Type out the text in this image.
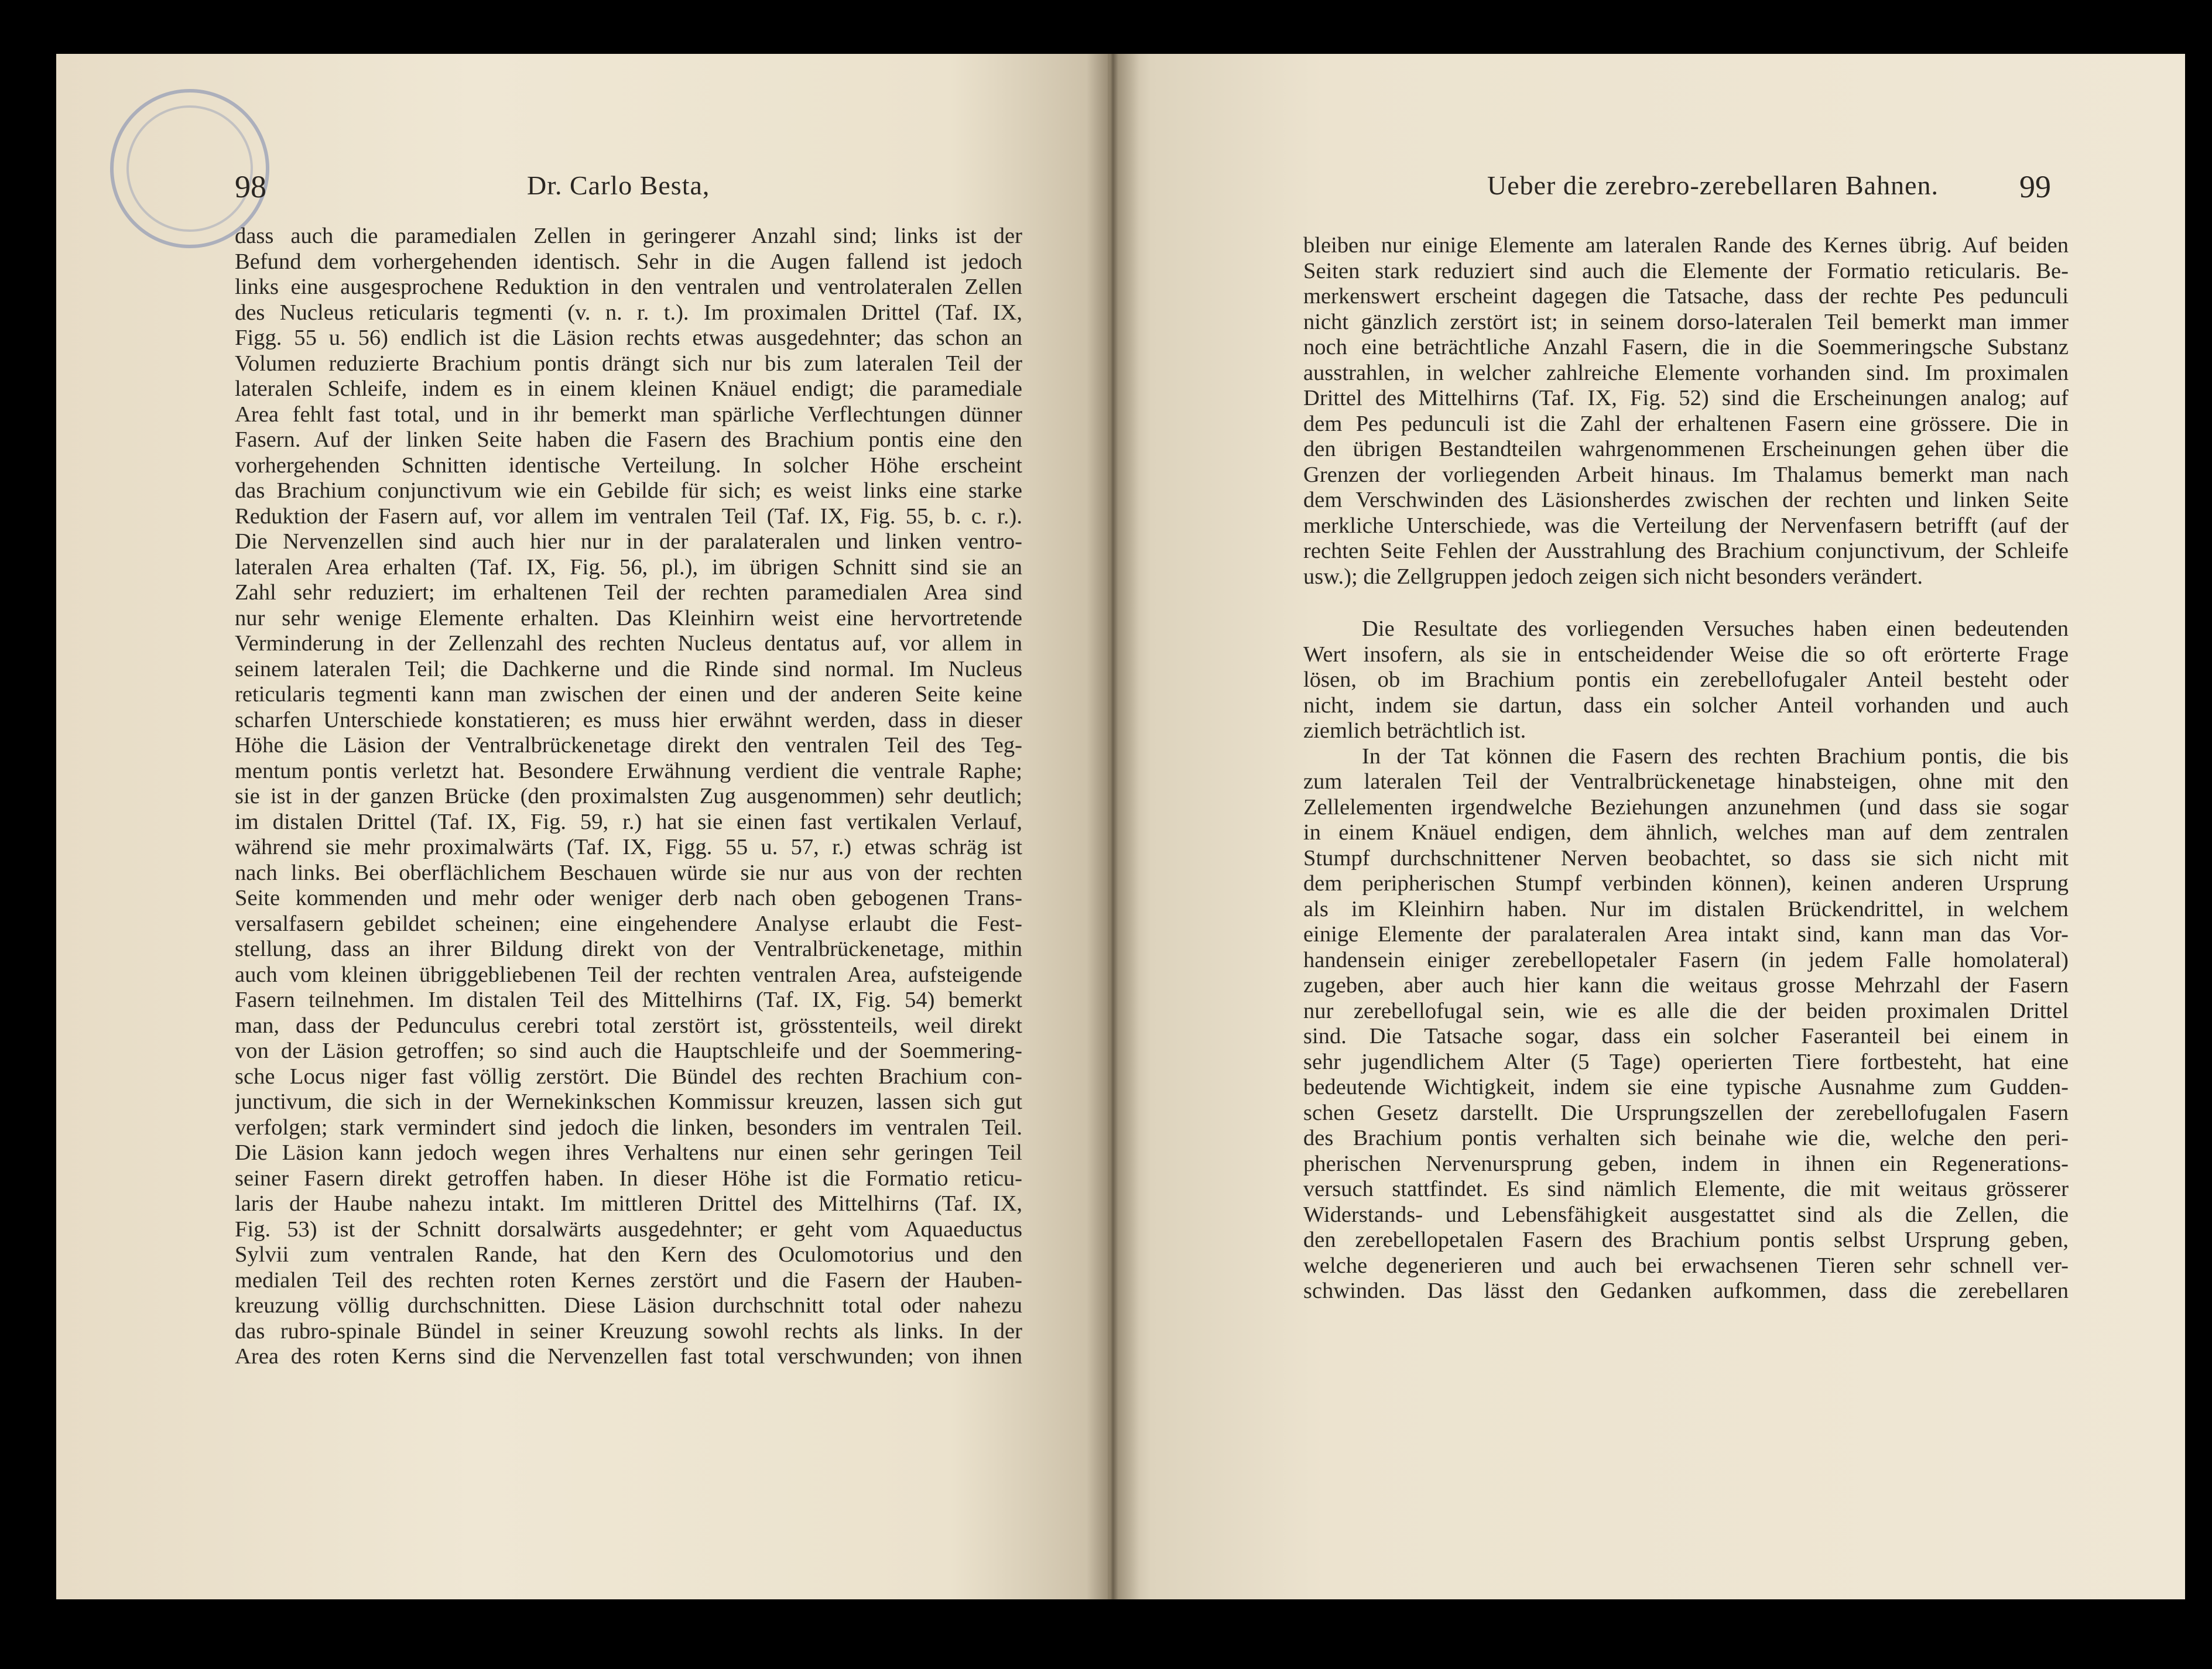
98	Dr. Carlo Besta,
dass auch die paramedialen Zellen in geringerer Anzahl sind; links ist der
Befund dem vorhergehenden identisch. Sehr in die Augen fallend ist jedoch
links eine ausgesprochene Reduktion in den ventralen und ventrolateralen Zellen
des Nucleus reticularis tegmenti (v. n. r. t.). Im proximalen Drittel (Taf. IX,
Figg. 55 u. 56) endlich ist die Läsion rechts etwas ausgedehnter; das schon an
Volumen reduzierte Brachium pontis drängt sich nur bis zum lateralen Teil der
lateralen Schleife, indem es in einem kleinen Knäuel endigt; die paramediale
Area fehlt fast total, und in ihr bemerkt man spärliche Verflechtungen dünner
Fasern. Auf der linken Seite haben die Fasern des Brachium pontis eine den
vorhergehenden Schnitten identische Verteilung. In solcher Höhe erscheint
das Brachium conjunctivum wie ein Gebilde für sich; es weist links eine starke
Reduktion der Fasern auf, vor allem im ventralen Teil (Taf. IX, Fig. 55, b. c. r.).
Die Nervenzellen sind auch hier nur in der paralateralen und linken ventro-
lateralen Area erhalten (Taf. IX, Fig. 56, pl.), im übrigen Schnitt sind sie an
Zahl sehr reduziert; im erhaltenen Teil der rechten paramedialen Area sind
nur sehr wenige Elemente erhalten. Das Kleinhirn weist eine hervortretende
Verminderung in der Zellenzahl des rechten Nucleus dentatus auf, vor allem in
seinem lateralen Teil; die Dachkerne und die Rinde sind normal. Im Nucleus
reticularis tegmenti kann man zwischen der einen und der anderen Seite keine
scharfen Unterschiede konstatieren; es muss hier erwähnt werden, dass in dieser
Höhe die Läsion der Ventralbrückenetage direkt den ventralen Teil des Teg-
mentum pontis verletzt hat. Besondere Erwähnung verdient die ventrale Raphe;
sie ist in der ganzen Brücke (den proximalsten Zug ausgenommen) sehr deutlich;
im distalen Drittel (Taf. IX, Fig. 59, r.) hat sie einen fast vertikalen Verlauf,
während sie mehr proximalwärts (Taf. IX, Figg. 55 u. 57, r.) etwas schräg ist
nach links. Bei oberflächlichem Beschauen würde sie nur aus von der rechten
Seite kommenden und mehr oder weniger derb nach oben gebogenen Trans-
versalfasern gebildet scheinen; eine eingehendere Analyse erlaubt die Fest-
stellung, dass an ihrer Bildung direkt von der Ventralbrückenetage, mithin
auch vom kleinen übriggebliebenen Teil der rechten ventralen Area, aufsteigende
Fasern teilnehmen. Im distalen Teil des Mittelhirns (Taf. IX, Fig. 54) bemerkt
man, dass der Pedunculus cerebri total zerstört ist, grösstenteils, weil direkt
von der Läsion getroffen; so sind auch die Hauptschleife und der Soemmering-
sche Locus niger fast völlig zerstört. Die Bündel des rechten Brachium con-
junctivum, die sich in der Wernekinkschen Kommissur kreuzen, lassen sich gut
verfolgen; stark vermindert sind jedoch die linken, besonders im ventralen Teil.
Die Läsion kann jedoch wegen ihres Verhaltens nur einen sehr geringen Teil
seiner Fasern direkt getroffen haben. In dieser Höhe ist die Formatio reticu-
laris der Haube nahezu intakt. Im mittleren Drittel des Mittelhirns (Taf. IX,
Fig. 53) ist der Schnitt dorsalwärts ausgedehnter; er geht vom Aquaeductus
Sylvii zum ventralen Rande, hat den Kern des Oculomotorius und den
medialen Teil des rechten roten Kernes zerstört und die Fasern der Hauben-
kreuzung völlig durchschnitten. Diese Läsion durchschnitt total oder nahezu
das rubro-spinale Bündel in seiner Kreuzung sowohl rechts als links. In der
Area des roten Kerns sind die Nervenzellen fast total verschwunden; von ihnen
Ueber die zerebro-zerebellaren Bahnen.	99
bleiben nur einige Elemente am lateralen Rande des Kernes übrig. Auf beiden
Seiten stark reduziert sind auch die Elemente der Formatio reticularis. Be-
merkenswert erscheint dagegen die Tatsache, dass der rechte Pes pedunculi
nicht gänzlich zerstört ist; in seinem dorso-lateralen Teil bemerkt man immer
noch eine beträchtliche Anzahl Fasern, die in die Soemmeringsche Substanz
ausstrahlen, in welcher zahlreiche Elemente vorhanden sind. Im proximalen
Drittel des Mittelhirns (Taf. IX, Fig. 52) sind die Erscheinungen analog; auf
dem Pes pedunculi ist die Zahl der erhaltenen Fasern eine grössere. Die in
den übrigen Bestandteilen wahrgenommenen Erscheinungen gehen über die
Grenzen der vorliegenden Arbeit hinaus. Im Thalamus bemerkt man nach
dem Verschwinden des Läsionsherdes zwischen der rechten und linken Seite
merkliche Unterschiede, was die Verteilung der Nervenfasern betrifft (auf der
rechten Seite Fehlen der Ausstrahlung des Brachium conjunctivum, der Schleife
usw.); die Zellgruppen jedoch zeigen sich nicht besonders verändert.
Die Resultate des vorliegenden Versuches haben einen bedeutenden
Wert insofern, als sie in entscheidender Weise die so oft erörterte Frage
lösen, ob im Brachium pontis ein zerebellofugaler Anteil besteht oder
nicht, indem sie dartun, dass ein solcher Anteil vorhanden und auch
ziemlich beträchtlich ist.
In der Tat können die Fasern des rechten Brachium pontis, die bis
zum lateralen Teil der Ventralbrückenetage hinabsteigen, ohne mit den
Zellelementen irgendwelche Beziehungen anzunehmen (und dass sie sogar
in einem Knäuel endigen, dem ähnlich, welches man auf dem zentralen
Stumpf durchschnittener Nerven beobachtet, so dass sie sich nicht mit
dem peripherischen Stumpf verbinden können), keinen anderen Ursprung
als im Kleinhirn haben. Nur im distalen Brückendrittel, in welchem
einige Elemente der paralateralen Area intakt sind, kann man das Vor-
handensein einiger zerebellopetaler Fasern (in jedem Falle homolateral)
zugeben, aber auch hier kann die weitaus grosse Mehrzahl der Fasern
nur zerebellofugal sein, wie es alle die der beiden proximalen Drittel
sind. Die Tatsache sogar, dass ein solcher Faseranteil bei einem in
sehr jugendlichem Alter (5 Tage) operierten Tiere fortbesteht, hat eine
bedeutende Wichtigkeit, indem sie eine typische Ausnahme zum Gudden-
schen Gesetz darstellt. Die Ursprungszellen der zerebellofugalen Fasern
des Brachium pontis verhalten sich beinahe wie die, welche den peri-
pherischen Nervenursprung geben, indem in ihnen ein Regenerations-
versuch stattfindet. Es sind nämlich Elemente, die mit weitaus grösserer
Widerstands- und Lebensfähigkeit ausgestattet sind als die Zellen, die
den zerebellopetalen Fasern des Brachium pontis selbst Ursprung geben,
welche degenerieren und auch bei erwachsenen Tieren sehr schnell ver-
schwinden. Das lässt den Gedanken aufkommen, dass die zerebellaren
